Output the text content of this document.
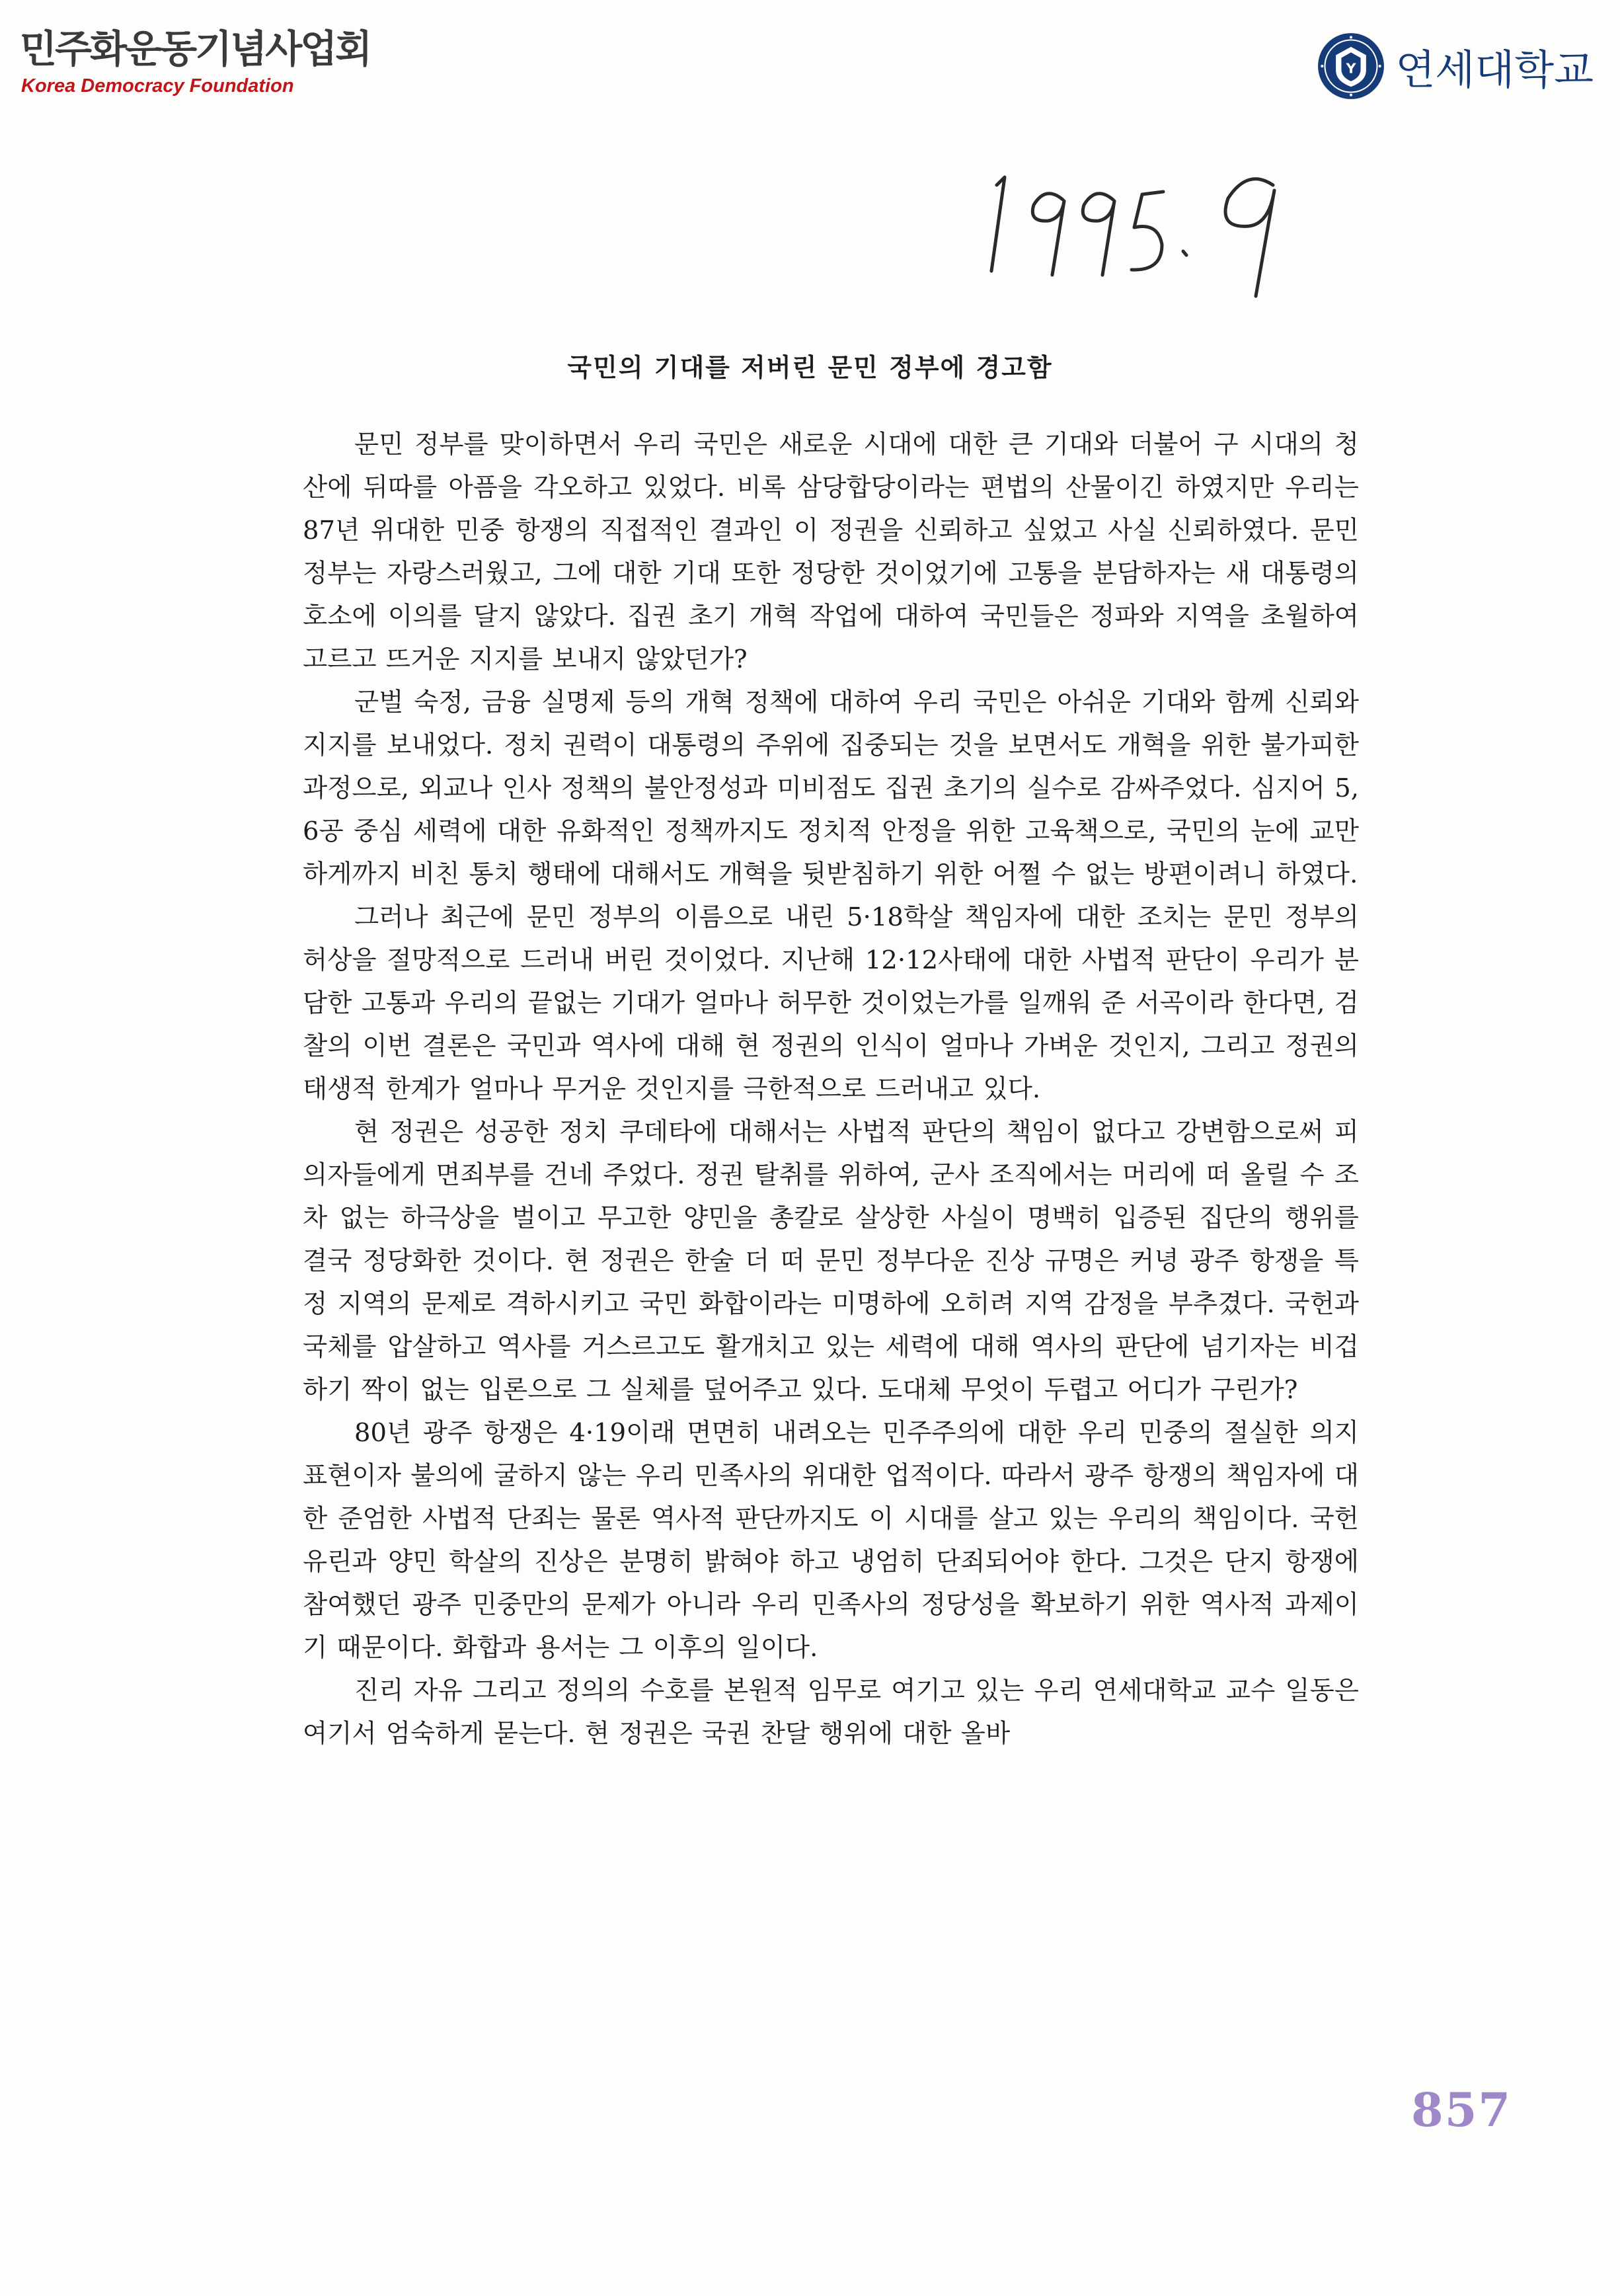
민주화운동기념사업회
Korea Democracy Foundation
Y 연세대학교
국민의 기대를 저버린 문민 정부에 경고함

문민 정부를 맞이하면서 우리 국민은 새로운 시대에 대한 큰 기대와 더불어 구 시대의 청산에 뒤따를 아픔을 각오하고 있었다. 비록 삼당합당이라는 편법의 산물이긴 하였지만 우리는 87년 위대한 민중 항쟁의 직접적인 결과인 이 정권을 신뢰하고 싶었고 사실 신뢰하였다. 문민 정부는 자랑스러웠고, 그에 대한 기대 또한 정당한 것이었기에 고통을 분담하자는 새 대통령의 호소에 이의를 달지 않았다. 집권 초기 개혁 작업에 대하여 국민들은 정파와 지역을 초월하여 고르고 뜨거운 지지를 보내지 않았던가?

군벌 숙정, 금융 실명제 등의 개혁 정책에 대하여 우리 국민은 아쉬운 기대와 함께 신뢰와 지지를 보내었다. 정치 권력이 대통령의 주위에 집중되는 것을 보면서도 개혁을 위한 불가피한 과정으로, 외교나 인사 정책의 불안정성과 미비점도 집권 초기의 실수로 감싸주었다. 심지어 5, 6공 중심 세력에 대한 유화적인 정책까지도 정치적 안정을 위한 고육책으로, 국민의 눈에 교만하게까지 비친 통치 행태에 대해서도 개혁을 뒷받침하기 위한 어쩔 수 없는 방편이려니 하였다.

그러나 최근에 문민 정부의 이름으로 내린 5·18학살 책임자에 대한 조치는 문민 정부의 허상을 절망적으로 드러내 버린 것이었다. 지난해 12·12사태에 대한 사법적 판단이 우리가 분담한 고통과 우리의 끝없는 기대가 얼마나 허무한 것이었는가를 일깨워 준 서곡이라 한다면, 검찰의 이번 결론은 국민과 역사에 대해 현 정권의 인식이 얼마나 가벼운 것인지, 그리고 정권의 태생적 한계가 얼마나 무거운 것인지를 극한적으로 드러내고 있다.

현 정권은 성공한 정치 쿠데타에 대해서는 사법적 판단의 책임이 없다고 강변함으로써 피의자들에게 면죄부를 건네 주었다. 정권 탈취를 위하여, 군사 조직에서는 머리에 떠 올릴 수 조차 없는 하극상을 벌이고 무고한 양민을 총칼로 살상한 사실이 명백히 입증된 집단의 행위를 결국 정당화한 것이다. 현 정권은 한술 더 떠 문민 정부다운 진상 규명은 커녕 광주 항쟁을 특정 지역의 문제로 격하시키고 국민 화합이라는 미명하에 오히려 지역 감정을 부추겼다. 국헌과 국체를 압살하고 역사를 거스르고도 활개치고 있는 세력에 대해 역사의 판단에 넘기자는 비겁하기 짝이 없는 입론으로 그 실체를 덮어주고 있다. 도대체 무엇이 두렵고 어디가 구린가?

80년 광주 항쟁은 4·19이래 면면히 내려오는 민주주의에 대한 우리 민중의 절실한 의지 표현이자 불의에 굴하지 않는 우리 민족사의 위대한 업적이다. 따라서 광주 항쟁의 책임자에 대한 준엄한 사법적 단죄는 물론 역사적 판단까지도 이 시대를 살고 있는 우리의 책임이다. 국헌 유린과 양민 학살의 진상은 분명히 밝혀야 하고 냉엄히 단죄되어야 한다. 그것은 단지 항쟁에 참여했던 광주 민중만의 문제가 아니라 우리 민족사의 정당성을 확보하기 위한 역사적 과제이기 때문이다. 화합과 용서는 그 이후의 일이다.

진리 자유 그리고 정의의 수호를 본원적 임무로 여기고 있는 우리 연세대학교 교수 일동은 여기서 엄숙하게 묻는다. 현 정권은 국권 찬달 행위에 대한 올바

857
